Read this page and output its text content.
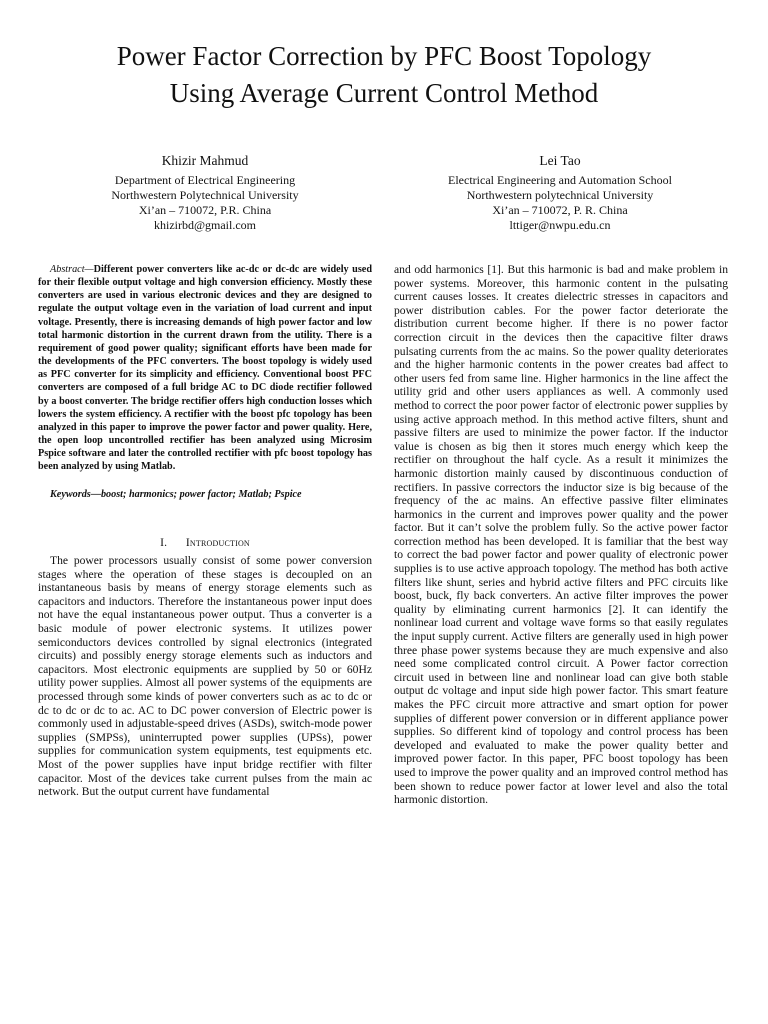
Power Factor Correction by PFC Boost Topology
Using Average Current Control Method
Khizir Mahmud
Department of Electrical Engineering
Northwestern Polytechnical University
Xi’an – 710072, P.R. China
khizirbd@gmail.com
Lei Tao
Electrical Engineering and Automation School
Northwestern polytechnical University
Xi’an – 710072, P. R. China
lttiger@nwpu.edu.cn

Abstract—Different power converters like ac-dc or dc-dc are widely used for their flexible output voltage and high conversion efficiency. Mostly these converters are used in various electronic devices and they are designed to regulate the output voltage even in the variation of load current and input voltage. Presently, there is increasing demands of high power factor and low total harmonic distortion in the current drawn from the utility. There is a requirement of good power quality; significant efforts have been made for the developments of the PFC converters. The boost topology is widely used as PFC converter for its simplicity and efficiency. Conventional boost PFC converters are composed of a full bridge AC to DC diode rectifier followed by a boost converter. The bridge rectifier offers high conduction losses which lowers the system efficiency. A rectifier with the boost pfc topology has been analyzed in this paper to improve the power factor and power quality. Here, the open loop uncontrolled rectifier has been analyzed using Microsim Pspice software and later the controlled rectifier with pfc boost topology has been analyzed by using Matlab.

Keywords—boost; harmonics; power factor; Matlab; Pspice

I. Introduction

The power processors usually consist of some power conversion stages where the operation of these stages is decoupled on an instantaneous basis by means of energy storage elements such as capacitors and inductors. Therefore the instantaneous power input does not have the equal instantaneous power output. Thus a converter is a basic module of power electronic systems. It utilizes power semiconductors devices controlled by signal electronics (integrated circuits) and possibly energy storage elements such as inductors and capacitors. Most electronic equipments are supplied by 50 or 60Hz utility power supplies. Almost all power systems of the equipments are processed through some kinds of power converters such as ac to dc or dc to dc or dc to ac. AC to DC power conversion of Electric power is commonly used in adjustable-speed drives (ASDs), switch-mode power supplies (SMPSs), uninterrupted power supplies (UPSs), power supplies for communication system equipments, test equipments etc. Most of the power supplies have input bridge rectifier with filter capacitor. Most of the devices take current pulses from the main ac network. But the output current have fundamental

and odd harmonics [1]. But this harmonic is bad and make problem in power systems. Moreover, this harmonic content in the pulsating current causes losses. It creates dielectric stresses in capacitors and power distribution cables. For the power factor deteriorate the distribution current become higher. If there is no power factor correction circuit in the devices then the capacitive filter draws pulsating currents from the ac mains. So the power quality deteriorates and the higher harmonic contents in the power creates bad affect to other users fed from same line. Higher harmonics in the line affect the utility grid and other users appliances as well. A commonly used method to correct the poor power factor of electronic power supplies by using active approach method. In this method active filters, shunt and passive filters are used to minimize the power factor. If the inductor value is chosen as big then it stores much energy which keep the rectifier on throughout the half cycle. As a result it minimizes the harmonic distortion mainly caused by discontinuous conduction of rectifiers. In passive correctors the inductor size is big because of the frequency of the ac mains. An effective passive filter eliminates harmonics in the current and improves power quality and the power factor. But it can’t solve the problem fully. So the active power factor correction method has been developed. It is familiar that the best way to correct the bad power factor and power quality of electronic power supplies is to use active approach topology. The method has both active filters like shunt, series and hybrid active filters and PFC circuits like boost, buck, fly back converters. An active filter improves the power quality by eliminating current harmonics [2]. It can identify the nonlinear load current and voltage wave forms so that easily regulates the input supply current. Active filters are generally used in high power three phase power systems because they are much expensive and also need some complicated control circuit. A Power factor correction circuit used in between line and nonlinear load can give both stable output dc voltage and input side high power factor. This smart feature makes the PFC circuit more attractive and smart option for power supplies of different power conversion or in different appliance power supplies. So different kind of topology and control process has been developed and evaluated to make the power quality better and improved power factor. In this paper, PFC boost topology has been used to improve the power quality and an improved control method has been shown to reduce power factor at lower level and also the total harmonic distortion.
